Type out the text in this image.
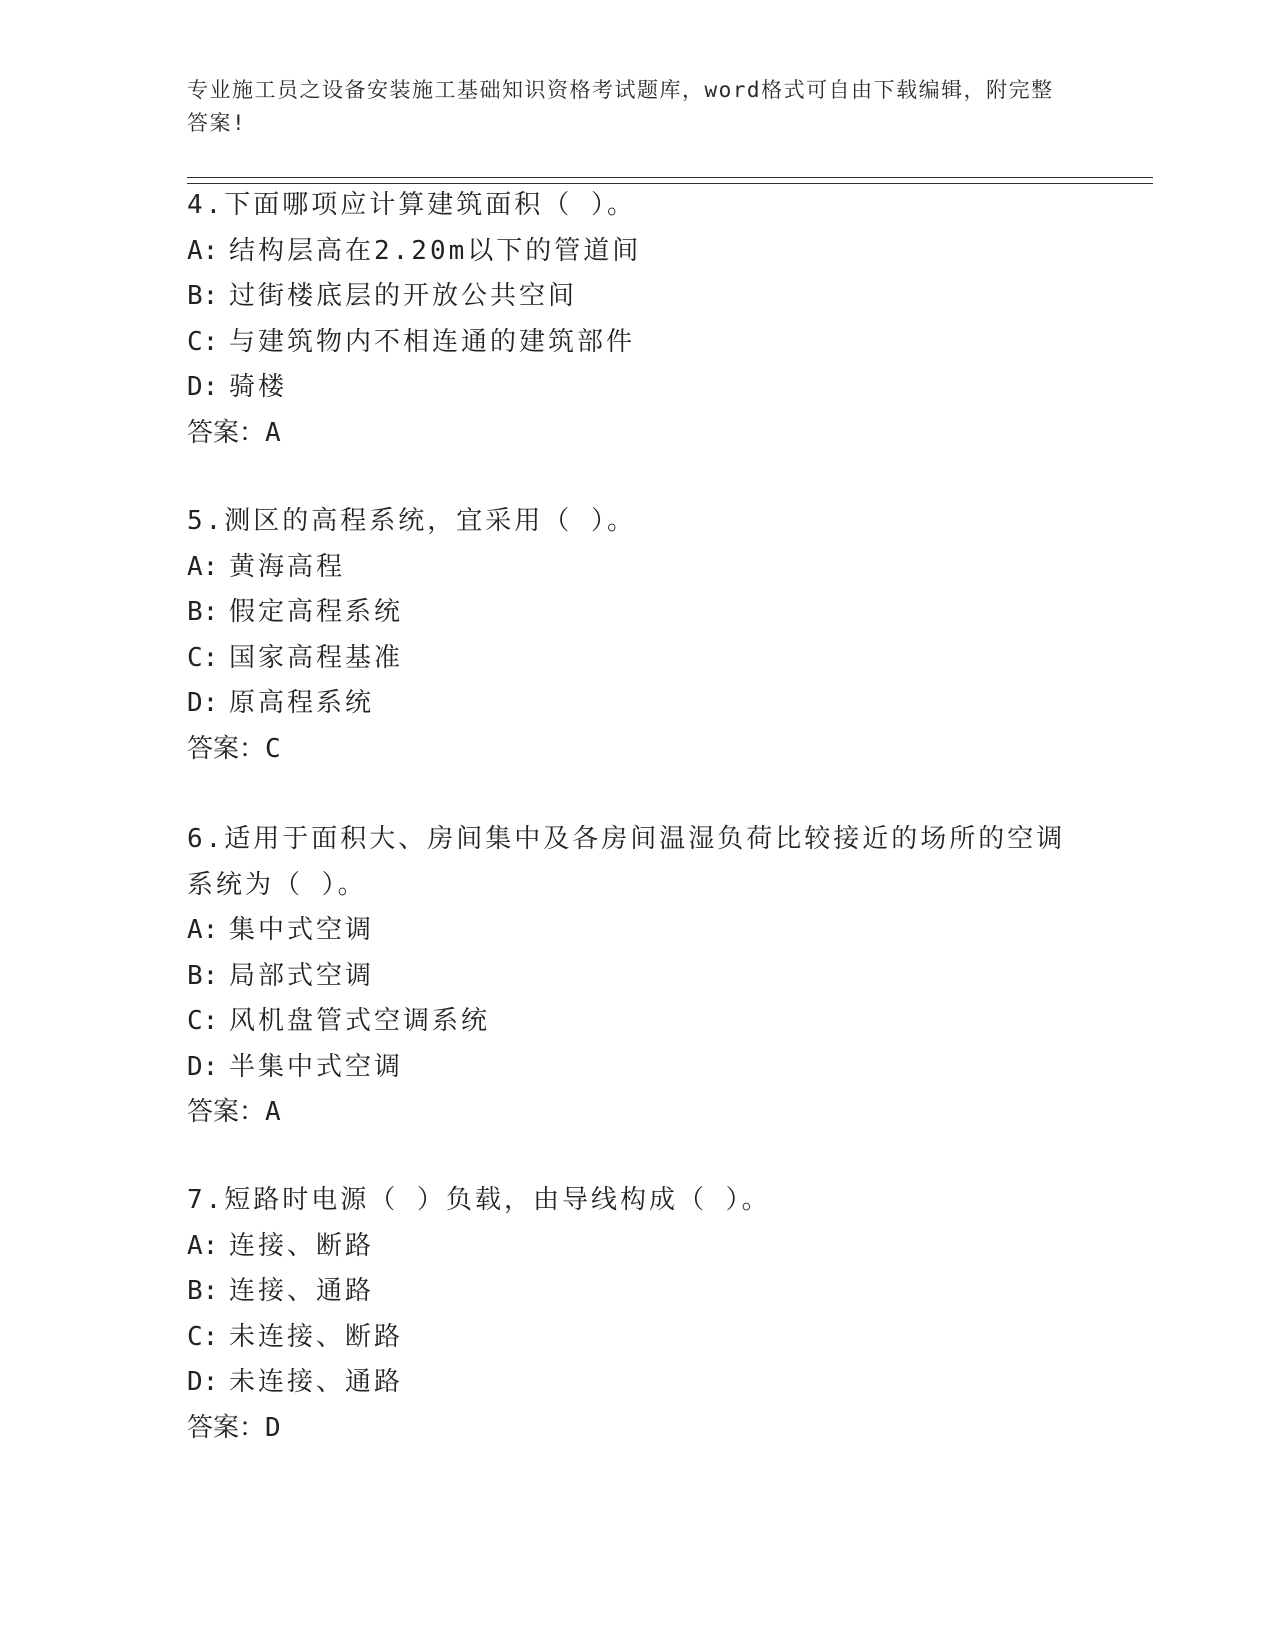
专业施工员之设备安装施工基础知识资格考试题库，word格式可自由下载编辑，附完整答案!
4.下面哪项应计算建筑面积（ ）。
A: 结构层高在2.20m以下的管道间
B: 过街楼底层的开放公共空间
C: 与建筑物内不相连通的建筑部件
D: 骑楼
答案：A
5.测区的高程系统，宜采用（ ）。
A: 黄海高程
B: 假定高程系统
C: 国家高程基准
D: 原高程系统
答案：C
6.适用于面积大、房间集中及各房间温湿负荷比较接近的场所的空调系统为（ ）。
A: 集中式空调
B: 局部式空调
C: 风机盘管式空调系统
D: 半集中式空调
答案：A
7.短路时电源（ ）负载，由导线构成（ ）。
A: 连接、断路
B: 连接、通路
C: 未连接、断路
D: 未连接、通路
答案：D
